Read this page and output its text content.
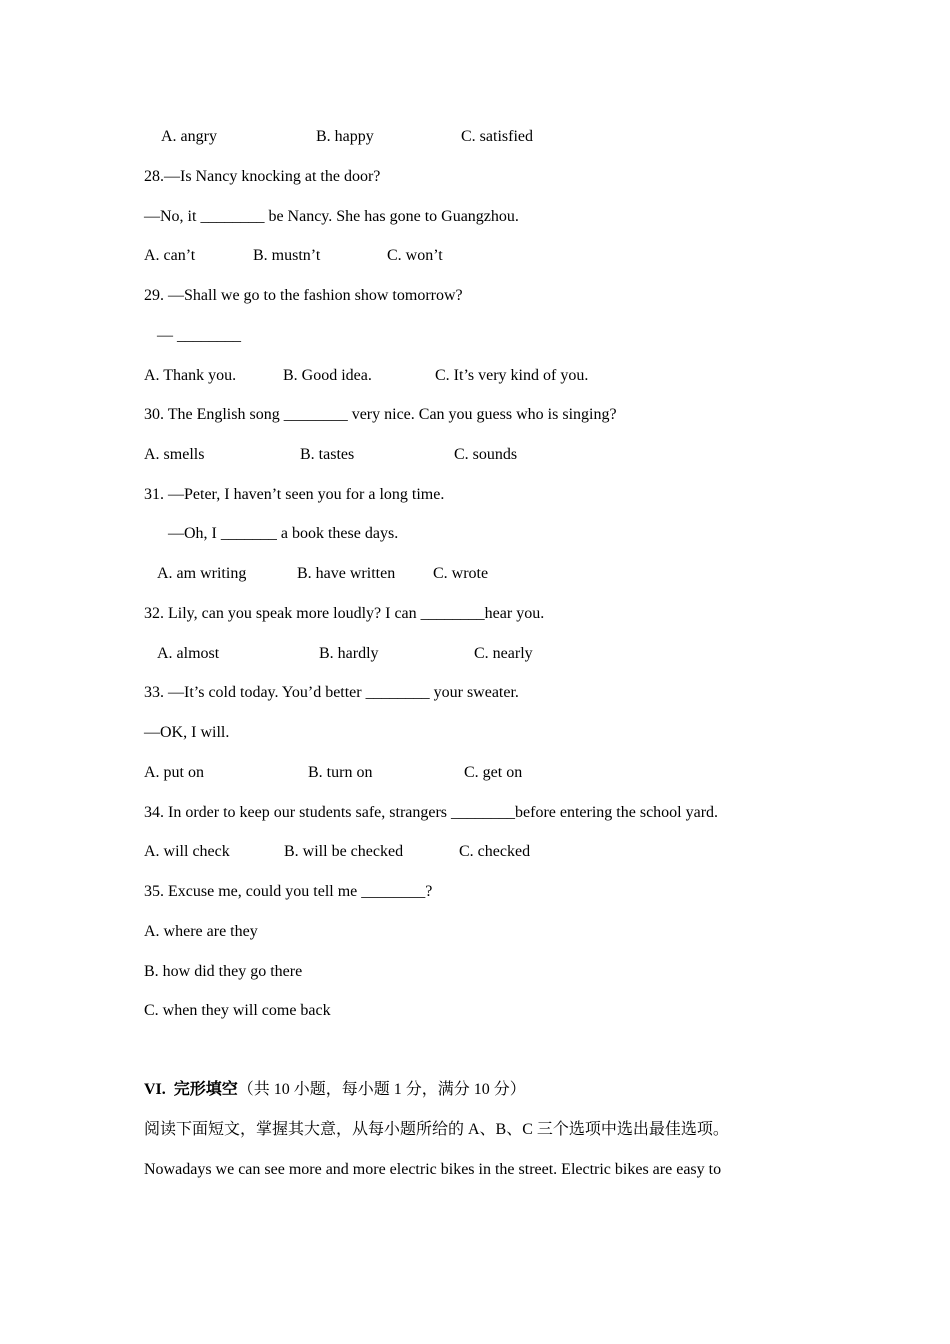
A. angry	B. happy	C. satisfied
28.—Is Nancy knocking at the door?
—No, it ________ be Nancy. She has gone to Guangzhou.
A. can’t	B. mustn’t	C. won’t
29. —Shall we go to the fashion show tomorrow?
— ________
A. Thank you.	B. Good idea.	C. It’s very kind of you.
30. The English song ________ very nice. Can you guess who is singing?
A. smells	B. tastes	C. sounds
31. —Peter, I haven’t seen you for a long time.
—Oh, I _______ a book these days.
A. am writing	B. have written C. wrote
32. Lily, can you speak more loudly? I can ________hear you.
A. almost	B. hardly	C. nearly
33. —It’s cold today. You’d better ________ your sweater.
—OK, I will.
A. put on	B. turn on	C. get on
34. In order to keep our students safe, strangers ________before entering the school yard.
A. will check	B. will be checked	C. checked
35. Excuse me, could you tell me ________?
A. where are they
B. how did they go there
C. when they will come back
VI.  完形填空（共 10 小题，每小题 1 分，满分 10 分）
阅读下面短文，掌握其大意，从每小题所给的 A、B、C 三个选项中选出最佳选项。
Nowadays we can see more and more electric bikes in the street. Electric bikes are easy to
